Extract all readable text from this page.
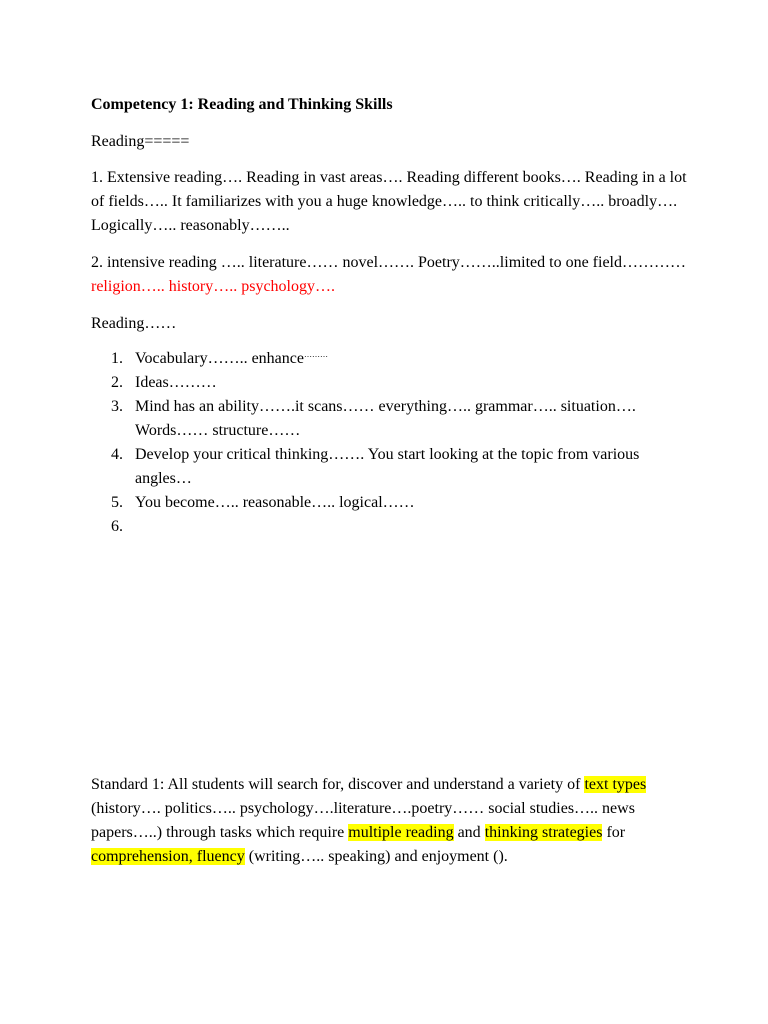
Competency 1: Reading and Thinking Skills
Reading=====
1. Extensive reading…. Reading in vast areas…. Reading different books…. Reading in a lot of fields….. It familiarizes with you a huge knowledge….. to think critically….. broadly…. Logically….. reasonably……..
2. intensive reading ….. literature…… novel……. Poetry……..limited to one field………… religion….. history….. psychology….
Reading……
1. Vocabulary…….. enhance………
2. Ideas………
3. Mind has an ability…….it scans…… everything….. grammar….. situation…. Words…… structure……
4. Develop your critical thinking……. You start looking at the topic from various angles…
5. You become….. reasonable….. logical……
6.
Standard 1: All students will search for, discover and understand a variety of text types (history…. politics….. psychology….literature….poetry…… social studies….. news papers…..) through tasks which require multiple reading and thinking strategies for comprehension, fluency (writing….. speaking) and enjoyment ().
